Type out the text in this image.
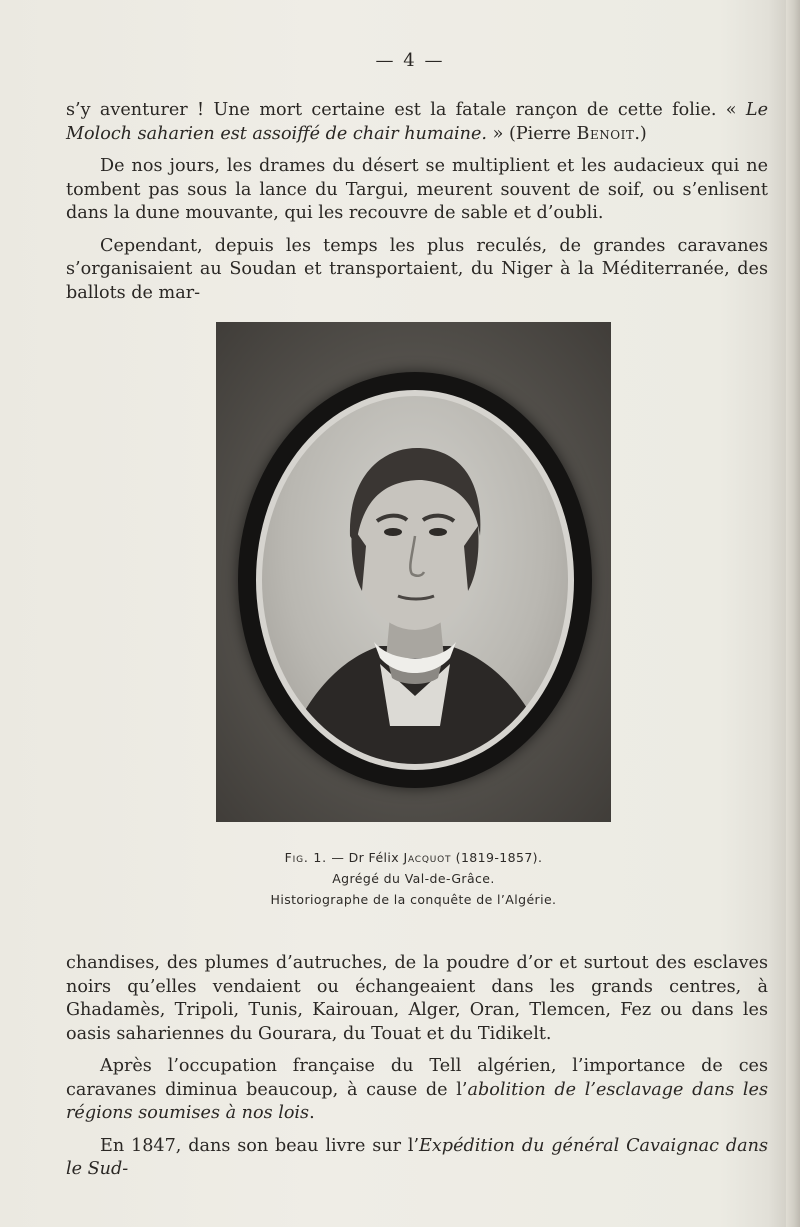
— 4 —

s’y aventurer ! Une mort certaine est la fatale rançon de cette folie. « Le Moloch saharien est assoiffé de chair humaine. » (Pierre Benoit.)

De nos jours, les drames du désert se multiplient et les audacieux qui ne tombent pas sous la lance du Targui, meurent souvent de soif, ou s’enlisent dans la dune mouvante, qui les recouvre de sable et d’oubli.

Cependant, depuis les temps les plus reculés, de grandes caravanes s’organisaient au Soudan et transportaient, du Niger à la Méditerranée, des ballots de mar-

Fig. 1. — Dr Félix Jacquot (1819-1857).
Agrégé du Val-de-Grâce.
Historiographe de la conquête de l’Algérie.

chandises, des plumes d’autruches, de la poudre d’or et surtout des esclaves noirs qu’elles vendaient ou échangeaient dans les grands centres, à Ghadamès, Tripoli, Tunis, Kairouan, Alger, Oran, Tlemcen, Fez ou dans les oasis sahariennes du Gourara, du Touat et du Tidikelt.

Après l’occupation française du Tell algérien, l’importance de ces caravanes diminua beaucoup, à cause de l’abolition de l’esclavage dans les régions soumises à nos lois.

En 1847, dans son beau livre sur l’Expédition du général Cavaignac dans le Sud-
